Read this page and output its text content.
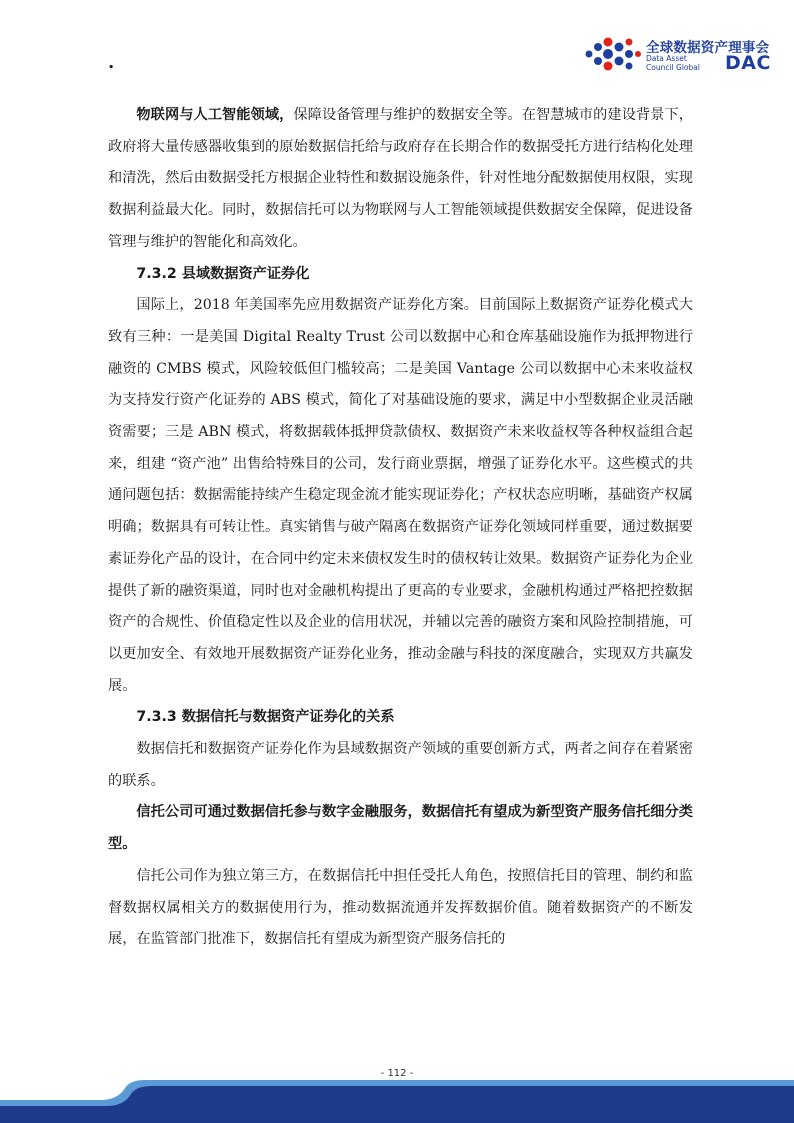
.
全球数据资产理事会
Data Asset
Council Global DAC

物联网与人工智能领域，保障设备管理与维护的数据安全等。在智慧城市的建设背景下，政府将大量传感器收集到的原始数据信托给与政府存在长期合作的数据受托方进行结构化处理和清洗，然后由数据受托方根据企业特性和数据设施条件，针对性地分配数据使用权限，实现数据利益最大化。同时，数据信托可以为物联网与人工智能领域提供数据安全保障，促进设备管理与维护的智能化和高效化。

7.3.2 县域数据资产证券化

国际上，2018 年美国率先应用数据资产证券化方案。目前国际上数据资产证券化模式大致有三种：一是美国 Digital Realty Trust 公司以数据中心和仓库基础设施作为抵押物进行融资的 CMBS 模式，风险较低但门槛较高；二是美国 Vantage 公司以数据中心未来收益权为支持发行资产化证券的 ABS 模式，简化了对基础设施的要求，满足中小型数据企业灵活融资需要；三是 ABN 模式，将数据载体抵押贷款债权、数据资产未来收益权等各种权益组合起来，组建 “资产池” 出售给特殊目的公司，发行商业票据，增强了证券化水平。这些模式的共通问题包括：数据需能持续产生稳定现金流才能实现证券化；产权状态应明晰，基础资产权属明确；数据具有可转让性。真实销售与破产隔离在数据资产证券化领域同样重要，通过数据要素证券化产品的设计，在合同中约定未来债权发生时的债权转让效果。数据资产证券化为企业提供了新的融资渠道，同时也对金融机构提出了更高的专业要求，金融机构通过严格把控数据资产的合规性、价值稳定性以及企业的信用状况，并辅以完善的融资方案和风险控制措施，可以更加安全、有效地开展数据资产证券化业务，推动金融与科技的深度融合，实现双方共赢发展。

7.3.3 数据信托与数据资产证券化的关系

数据信托和数据资产证券化作为县域数据资产领域的重要创新方式，两者之间存在着紧密的联系。

信托公司可通过数据信托参与数字金融服务，数据信托有望成为新型资产服务信托细分类型。

信托公司作为独立第三方，在数据信托中担任受托人角色，按照信托目的管理、制约和监督数据权属相关方的数据使用行为，推动数据流通并发挥数据价值。随着数据资产的不断发展，在监管部门批准下，数据信托有望成为新型资产服务信托的

- 112 -
